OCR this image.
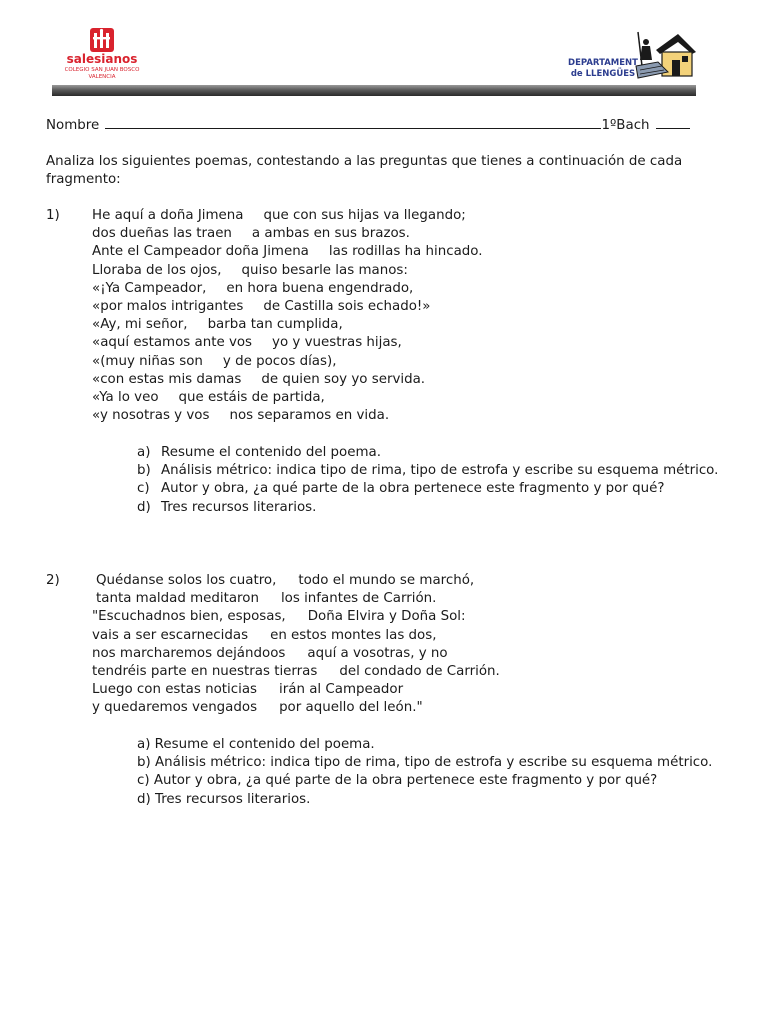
salesianos
COLEGIO SAN JUAN BOSCO
VALENCIA
DEPARTAMENT
de LLENGÜES
Nombre	1ºBach
Analiza los siguientes poemas, contestando a las preguntas que tienes a continuación de cada
fragmento:
1) He aquí a doña Jimena que con sus hijas va llegando;
dos dueñas las traen a ambas en sus brazos.
Ante el Campeador doña Jimena las rodillas ha hincado.
Lloraba de los ojos, quiso besarle las manos:
«¡Ya Campeador, en hora buena engendrado,
«por malos intrigantes de Castilla sois echado!»
«Ay, mi señor, barba tan cumplida,
«aquí estamos ante vos yo y vuestras hijas,
«(muy niñas son y de pocos días),
«con estas mis damas de quien soy yo servida.
«Ya lo veo que estáis de partida,
«y nosotras y vos nos separamos en vida.
a) Resume el contenido del poema.
b) Análisis métrico: indica tipo de rima, tipo de estrofa y escribe su esquema métrico.
c) Autor y obra, ¿a qué parte de la obra pertenece este fragmento y por qué?
d) Tres recursos literarios.
2)	Quédanse solos los cuatro, todo el mundo se marchó,
tanta maldad meditaron los infantes de Carrión.
"Escuchadnos bien, esposas, Doña Elvira y Doña Sol:
vais a ser escarnecidas en estos montes las dos,
nos marcharemos dejándoos aquí a vosotras, y no
tendréis parte en nuestras tierras del condado de Carrión.
Luego con estas noticias irán al Campeador
y quedaremos vengados por aquello del león."
a) Resume el contenido del poema.
b) Análisis métrico: indica tipo de rima, tipo de estrofa y escribe su esquema métrico.
c) Autor y obra, ¿a qué parte de la obra pertenece este fragmento y por qué?
d) Tres recursos literarios.
